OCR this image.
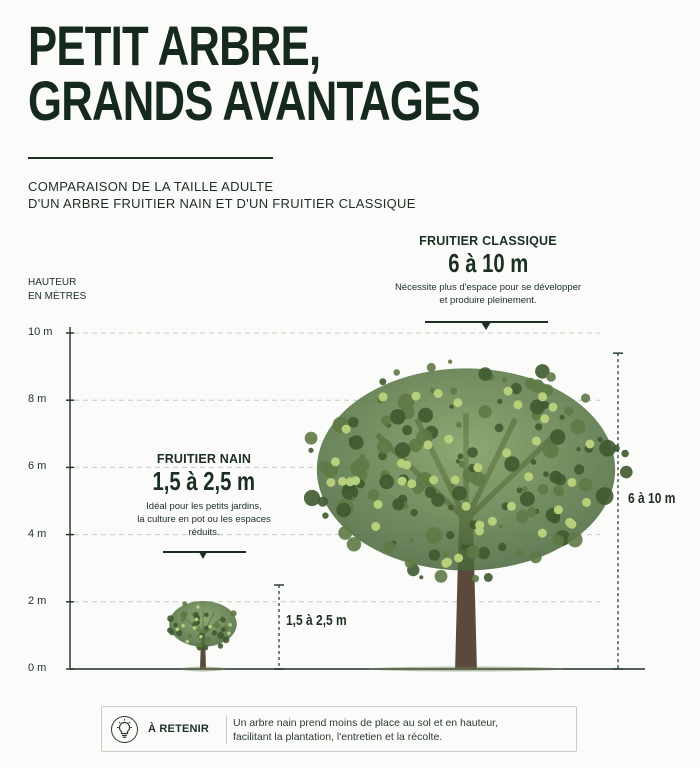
PETIT ARBRE,
GRANDS AVANTAGES
COMPARAISON DE LA TAILLE ADULTE
D'UN ARBRE FRUITIER NAIN ET D'UN FRUITIER CLASSIQUE
HAUTEUR
EN MÈTRES
0 m
2 m
4 m
6 m
8 m
10 m
FRUITIER NAIN
1,5 à 2,5 m
Idéal pour les petits jardins,
la culture en pot ou les espaces
réduits.
FRUITIER CLASSIQUE
6 à 10 m
Nécessite plus d'espace pour se développer
et produire pleinement.
1,5 à 2,5 m
6 à 10 m
À RETENIR Un arbre nain prend moins de place au sol et en hauteur,
facilitant la plantation, l'entretien et la récolte.
